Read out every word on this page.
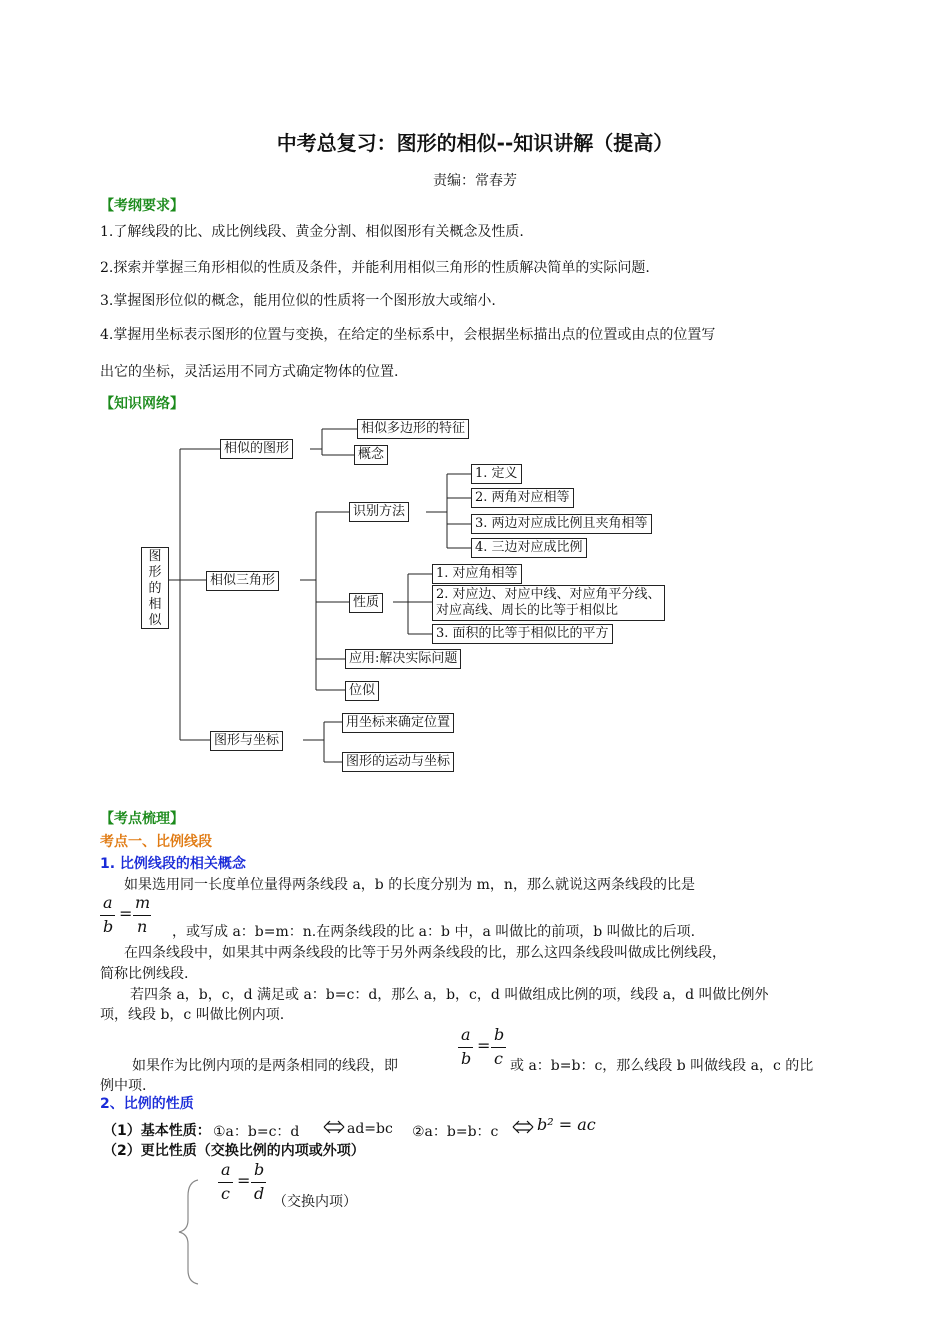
中考总复习：图形的相似--知识讲解（提高）
责编：常春芳
【考纲要求】
1.了解线段的比、成比例线段、黄金分割、相似图形有关概念及性质.
2.探索并掌握三角形相似的性质及条件，并能利用相似三角形的性质解决简单的实际问题.
3.掌握图形位似的概念，能用位似的性质将一个图形放大或缩小.
4.掌握用坐标表示图形的位置与变换，在给定的坐标系中，会根据坐标描出点的位置或由点的位置写
出它的坐标，灵活运用不同方式确定物体的位置.
【知识网络】
图
形
的
相
似
相似的图形
相似三角形
图形与坐标
相似多边形的特征
概念
识别方法
性质
应用:解决实际问题
位似
1. 定义
2. 两角对应相等
3. 两边对应成比例且夹角相等
4. 三边对应成比例
1. 对应角相等
2. 对应边、对应中线、对应角平分线、
对应高线、周长的比等于相似比
3. 面积的比等于相似比的平方
用坐标来确定位置
图形的运动与坐标
【考点梳理】
考点一、比例线段
1. 比例线段的相关概念
如果选用同一长度单位量得两条线段 a，b 的长度分别为 m，n，那么就说这两条线段的比是
a
b
=
m
n ，或写成 a：b=m：n.在两条线段的比 a：b 中，a 叫做比的前项，b 叫做比的后项.
在四条线段中，如果其中两条线段的比等于另外两条线段的比，那么这四条线段叫做成比例线段，
简称比例线段.
若四条 a，b，c，d 满足或 a：b=c：d，那么 a，b，c，d 叫做组成比例的项，线段 a，d 叫做比例外
项，线段 b，c 叫做比例内项.
a
b
=
b
c
如果作为比例内项的是两条相同的线段，即	或 a：b=b：c，那么线段 b 叫做线段 a，c 的比
例中项.
2、比例的性质
（1）基本性质： ①a：b=c：d	ad=bc ②a：b=b：c b² = ac
（2）更比性质（交换比例的内项或外项）
a
c
=
b
d （交换内项）
